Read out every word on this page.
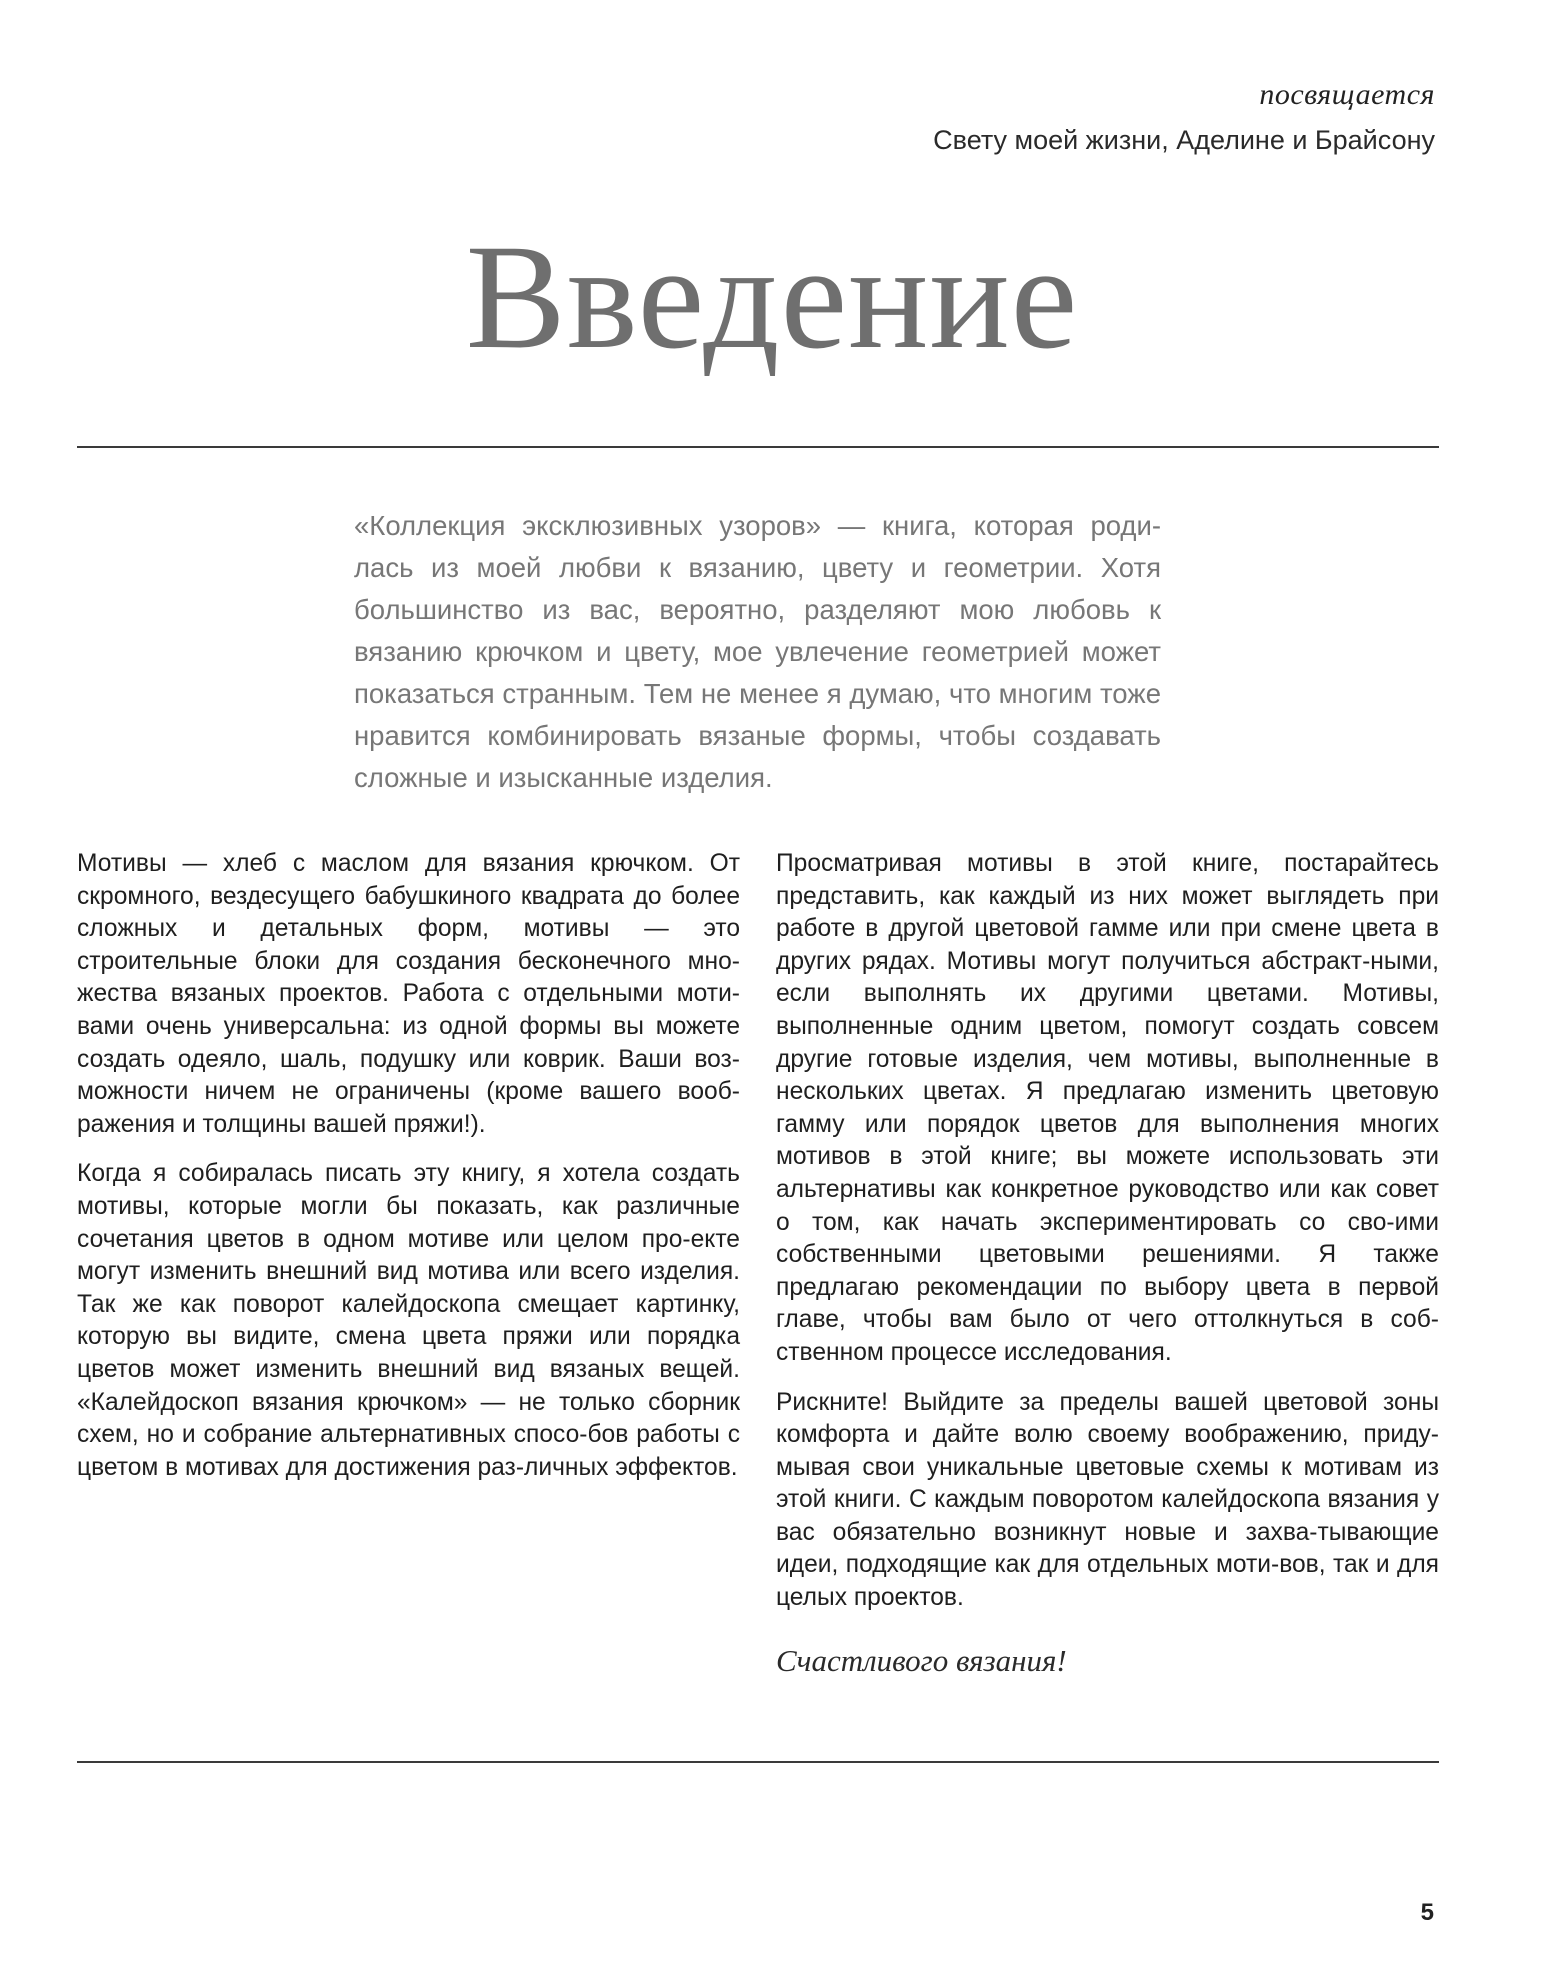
посвящается
Свету моей жизни, Аделине и Брайсону
Введение

«Коллекция эксклюзивных узоров» — книга, которая роди-лась из моей любви к вязанию, цвету и геометрии. Хотя большинство из вас, вероятно, разделяют мою любовь к вязанию крючком и цвету, мое увлечение геометрией может показаться странным. Тем не менее я думаю, что многим тоже нравится комбинировать вязаные формы, чтобы создавать сложные и изысканные изделия.

Мотивы — хлеб с маслом для вязания крючком. От скромного, вездесущего бабушкиного квадрата до более сложных и детальных форм, мотивы — это строительные блоки для создания бесконечного мно-жества вязаных проектов. Работа с отдельными моти-вами очень универсальна: из одной формы вы можете создать одеяло, шаль, подушку или коврик. Ваши воз-можности ничем не ограничены (кроме вашего вооб-ражения и толщины вашей пряжи!).

Когда я собиралась писать эту книгу, я хотела создать мотивы, которые могли бы показать, как различные сочетания цветов в одном мотиве или целом про-екте могут изменить внешний вид мотива или всего изделия. Так же как поворот калейдоскопа смещает картинку, которую вы видите, смена цвета пряжи или порядка цветов может изменить внешний вид вязаных вещей. «Калейдоскоп вязания крючком» — не только сборник схем, но и собрание альтернативных спосо-бов работы с цветом в мотивах для достижения раз-личных эффектов.

Просматривая мотивы в этой книге, постарайтесь представить, как каждый из них может выглядеть при работе в другой цветовой гамме или при смене цвета в других рядах. Мотивы могут получиться абстракт-ными, если выполнять их другими цветами. Мотивы, выполненные одним цветом, помогут создать совсем другие готовые изделия, чем мотивы, выполненные в нескольких цветах. Я предлагаю изменить цветовую гамму или порядок цветов для выполнения многих мотивов в этой книге; вы можете использовать эти альтернативы как конкретное руководство или как совет о том, как начать экспериментировать со сво-ими собственными цветовыми решениями. Я также предлагаю рекомендации по выбору цвета в первой главе, чтобы вам было от чего оттолкнуться в соб-ственном процессе исследования.

Рискните! Выйдите за пределы вашей цветовой зоны комфорта и дайте волю своему воображению, приду-мывая свои уникальные цветовые схемы к мотивам из этой книги. С каждым поворотом калейдоскопа вязания у вас обязательно возникнут новые и захва-тывающие идеи, подходящие как для отдельных моти-вов, так и для целых проектов.

Счастливого вязания!
5
